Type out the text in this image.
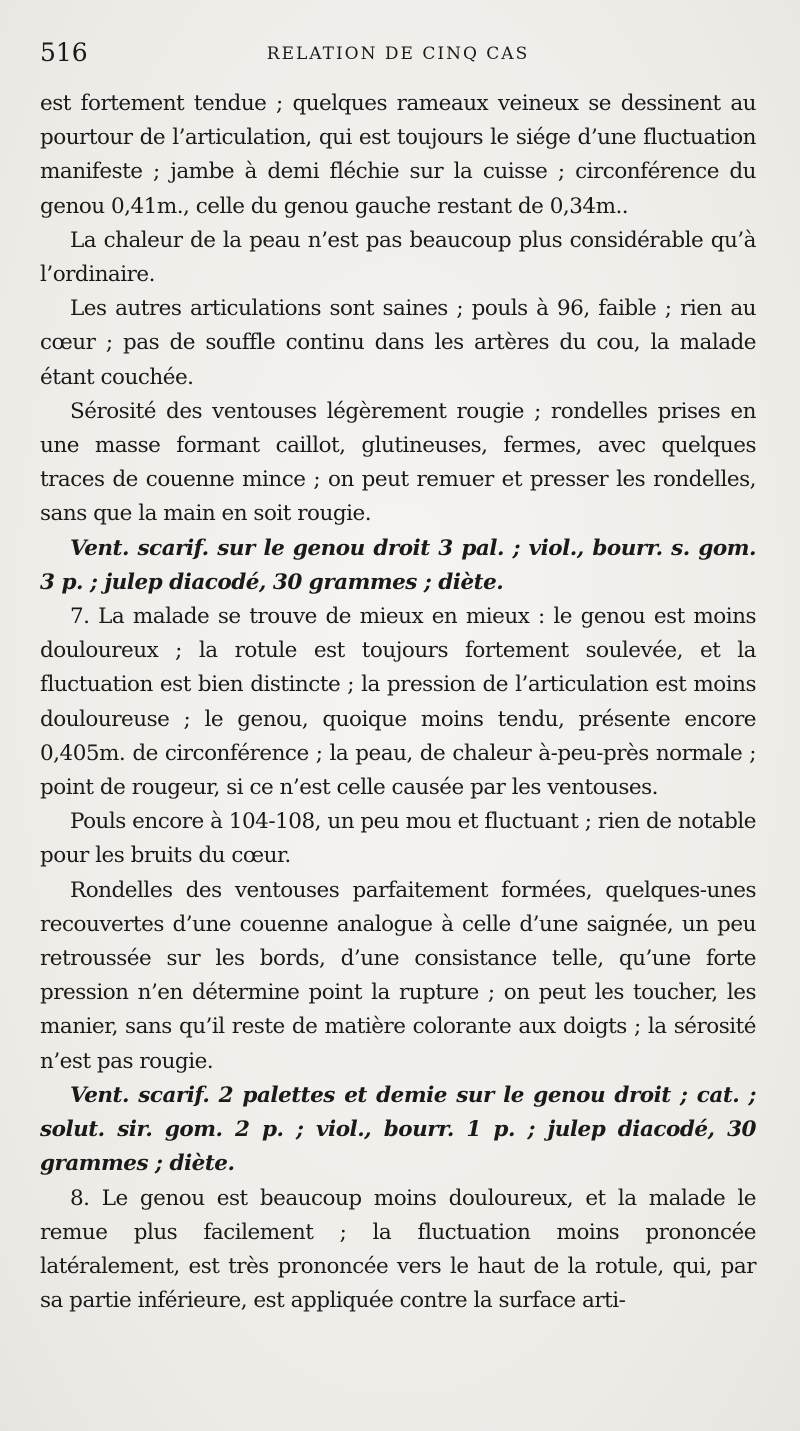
516	RELATION DE CINQ CAS

est fortement tendue ; quelques rameaux veineux se dessinent au pourtour de l’articulation, qui est toujours le siége d’une fluctuation manifeste ; jambe à demi fléchie sur la cuisse ; circonférence du genou 0,41m., celle du genou gauche restant de 0,34m..

La chaleur de la peau n’est pas beaucoup plus considérable qu’à l’ordinaire.

Les autres articulations sont saines ; pouls à 96, faible ; rien au cœur ; pas de souffle continu dans les artères du cou, la malade étant couchée.

Sérosité des ventouses légèrement rougie ; rondelles prises en une masse formant caillot, glutineuses, fermes, avec quelques traces de couenne mince ; on peut remuer et presser les rondelles, sans que la main en soit rougie.

Vent. scarif. sur le genou droit 3 pal. ; viol., bourr. s. gom. 3 p. ; julep diacodé, 30 grammes ; diète.

7. La malade se trouve de mieux en mieux : le genou est moins douloureux ; la rotule est toujours fortement soulevée, et la fluctuation est bien distincte ; la pression de l’articulation est moins douloureuse ; le genou, quoique moins tendu, présente encore 0,405m. de circonférence ; la peau, de chaleur à-peu-près normale ; point de rougeur, si ce n’est celle causée par les ventouses.

Pouls encore à 104-108, un peu mou et fluctuant ; rien de notable pour les bruits du cœur.

Rondelles des ventouses parfaitement formées, quelques-unes recouvertes d’une couenne analogue à celle d’une saignée, un peu retroussée sur les bords, d’une consistance telle, qu’une forte pression n’en détermine point la rupture ; on peut les toucher, les manier, sans qu’il reste de matière colorante aux doigts ; la sérosité n’est pas rougie.

Vent. scarif. 2 palettes et demie sur le genou droit ; cat. ; solut. sir. gom. 2 p. ; viol., bourr. 1 p. ; julep diacodé, 30 grammes ; diète.

8. Le genou est beaucoup moins douloureux, et la malade le remue plus facilement ; la fluctuation moins prononcée latéralement, est très prononcée vers le haut de la rotule, qui, par sa partie inférieure, est appliquée contre la surface arti-
